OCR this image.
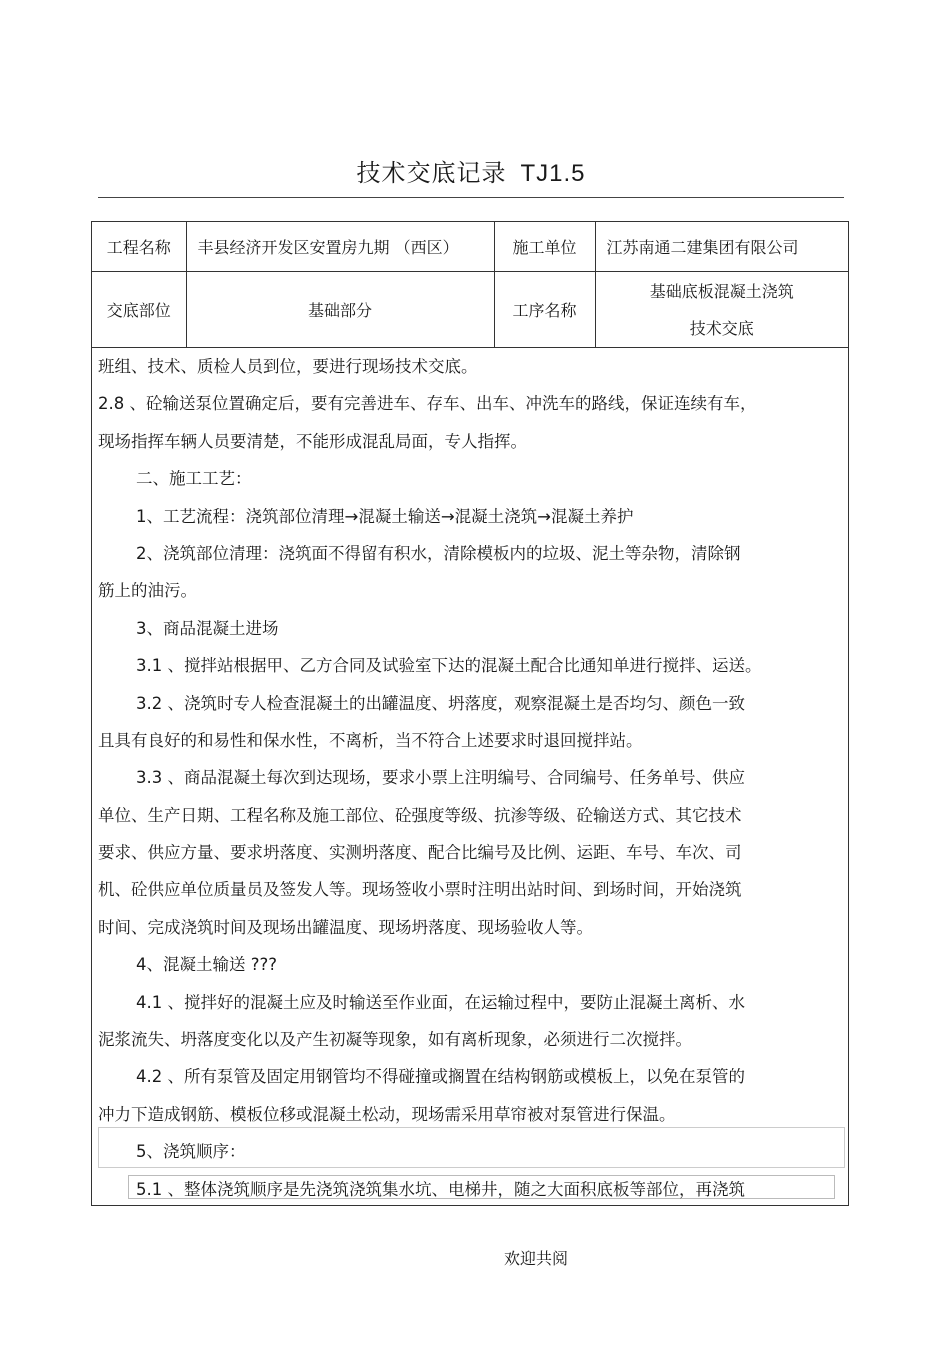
技术交底记录 TJ1.5
工程名称	丰县经济开发区安置房九期 （西区）	施工单位	江苏南通二建集团有限公司
交底部位	基础部分	工序名称	基础底板混凝土浇筑
技术交底
班组、技术、质检人员到位，要进行现场技术交底。
2.8 、砼输送泵位置确定后，要有完善进车、存车、出车、冲洗车的路线，保证连续有车，
现场指挥车辆人员要清楚，不能形成混乱局面，专人指挥。
二、施工工艺：
1、工艺流程：浇筑部位清理→混凝土输送→混凝土浇筑→混凝土养护
2、浇筑部位清理：浇筑面不得留有积水，清除模板内的垃圾、泥土等杂物，清除钢
筋上的油污。
3、商品混凝土进场
3.1 、搅拌站根据甲、乙方合同及试验室下达的混凝土配合比通知单进行搅拌、运送。
3.2 、浇筑时专人检查混凝土的出罐温度、坍落度，观察混凝土是否均匀、颜色一致
且具有良好的和易性和保水性，不离析，当不符合上述要求时退回搅拌站。
3.3 、商品混凝土每次到达现场，要求小票上注明编号、合同编号、任务单号、供应
单位、生产日期、工程名称及施工部位、砼强度等级、抗渗等级、砼输送方式、其它技术
要求、供应方量、要求坍落度、实测坍落度、配合比编号及比例、运距、车号、车次、司
机、砼供应单位质量员及签发人等。现场签收小票时注明出站时间、到场时间，开始浇筑
时间、完成浇筑时间及现场出罐温度、现场坍落度、现场验收人等。
4、混凝土输送 ???
4.1 、搅拌好的混凝土应及时输送至作业面，在运输过程中，要防止混凝土离析、水
泥浆流失、坍落度变化以及产生初凝等现象，如有离析现象，必须进行二次搅拌。
4.2 、所有泵管及固定用钢管均不得碰撞或搁置在结构钢筋或模板上，以免在泵管的
冲力下造成钢筋、模板位移或混凝土松动，现场需采用草帘被对泵管进行保温。
5、浇筑顺序：
5.1 、整体浇筑顺序是先浇筑浇筑集水坑、电梯井，随之大面积底板等部位，再浇筑
欢迎共阅
